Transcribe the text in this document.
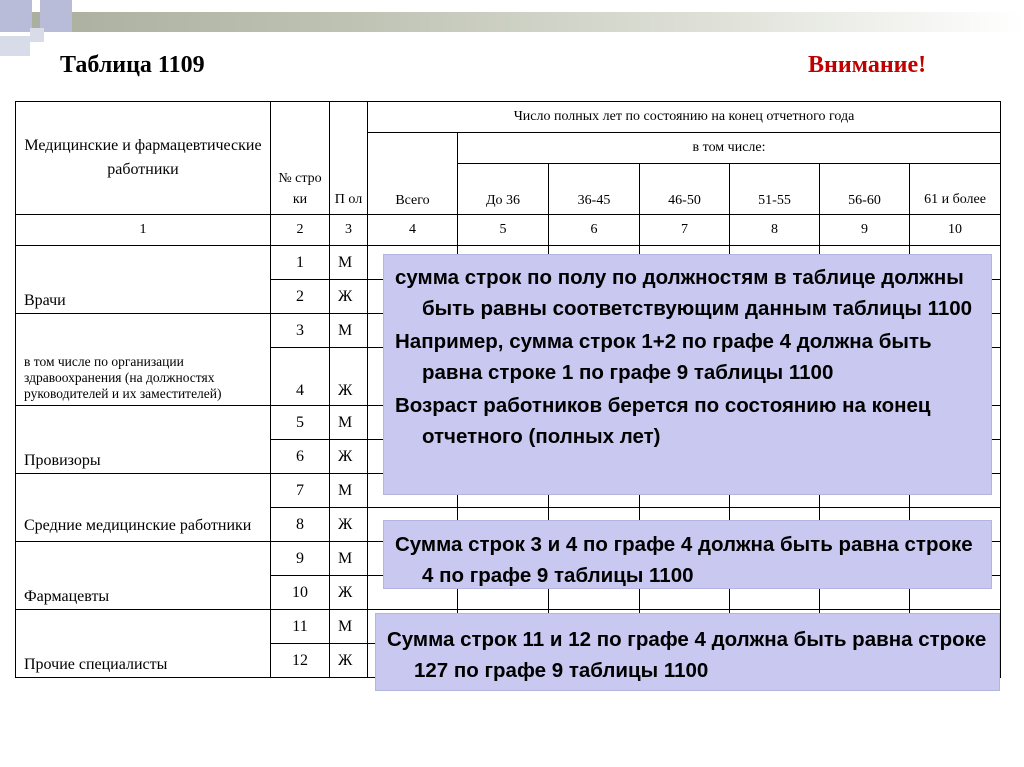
Таблица 1109	Внимание!
Медицинские и фармацевтические работники	№ стро ки	П ол	Число полных лет по состоянию на конец отчетного года						
			Всего	в том числе:					
				До 36	36-45	46-50	51-55	56-60	61 и более
1	2	3	4	5	6	7	8	9	10
Врачи	1	М							
	2	Ж							
в том числе по организации здравоохранения (на должностях руководителей и их заместителей)	3	М							
	4	Ж							
Провизоры	5	М							
	6	Ж							
Средние медицинские работники	7	М							
	8	Ж							
Фармацевты	9	М							
	10	Ж							
Прочие специалисты	11	М							
	12	Ж							

сумма строк по полу по должностям в таблице должны быть равны соответствующим данным таблицы 1100

Например, сумма строк 1+2 по графе 4 должна быть равна строке 1 по графе 9 таблицы 1100

Возраст работников берется по состоянию на конец отчетного (полных лет)

Сумма строк 3 и 4 по графе 4 должна быть равна строке 4 по графе 9 таблицы 1100

Сумма строк 11 и 12 по графе 4 должна быть равна строке 127 по графе 9 таблицы 1100
